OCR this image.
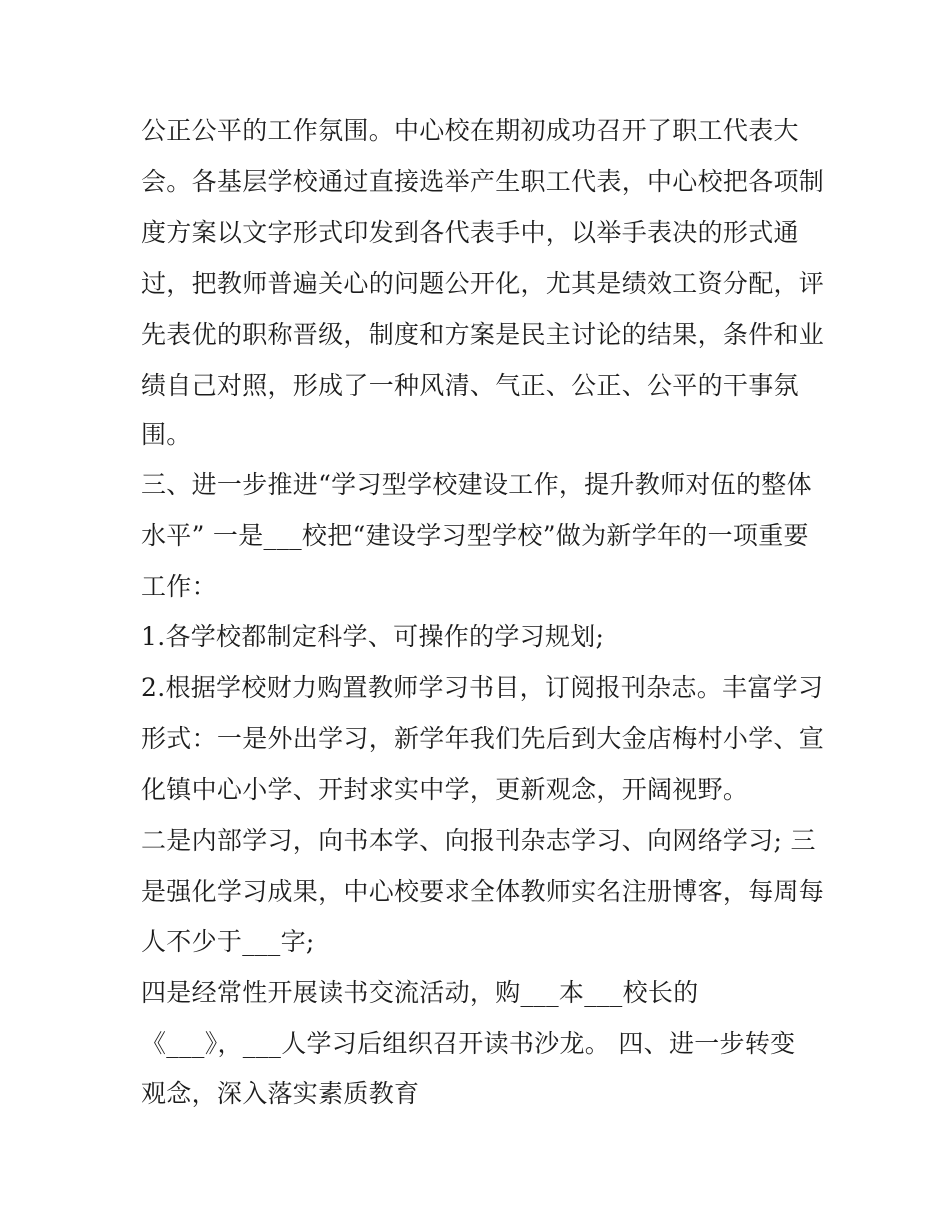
公正公平的工作氛围。中心校在期初成功召开了职工代表大
会。各基层学校通过直接选举产生职工代表，中心校把各项制
度方案以文字形式印发到各代表手中，以举手表决的形式通
过，把教师普遍关心的问题公开化，尤其是绩效工资分配，评
先表优的职称晋级，制度和方案是民主讨论的结果，条件和业
绩自己对照，形成了一种风清、气正、公正、公平的干事氛
围。
三、进一步推进“学习型学校建设工作，提升教师对伍的整体
水平” 一是___校把“建设学习型学校”做为新学年的一项重要
工作：
1.各学校都制定科学、可操作的学习规划;
2.根据学校财力购置教师学习书目，订阅报刊杂志。丰富学习
形式：一是外出学习，新学年我们先后到大金店梅村小学、宣
化镇中心小学、开封求实中学，更新观念，开阔视野。
二是内部学习，向书本学、向报刊杂志学习、向网络学习; 三
是强化学习成果，中心校要求全体教师实名注册博客，每周每
人不少于___字;
四是经常性开展读书交流活动，购___本___校长的
《___》，___人学习后组织召开读书沙龙。 四、进一步转变
观念，深入落实素质教育
